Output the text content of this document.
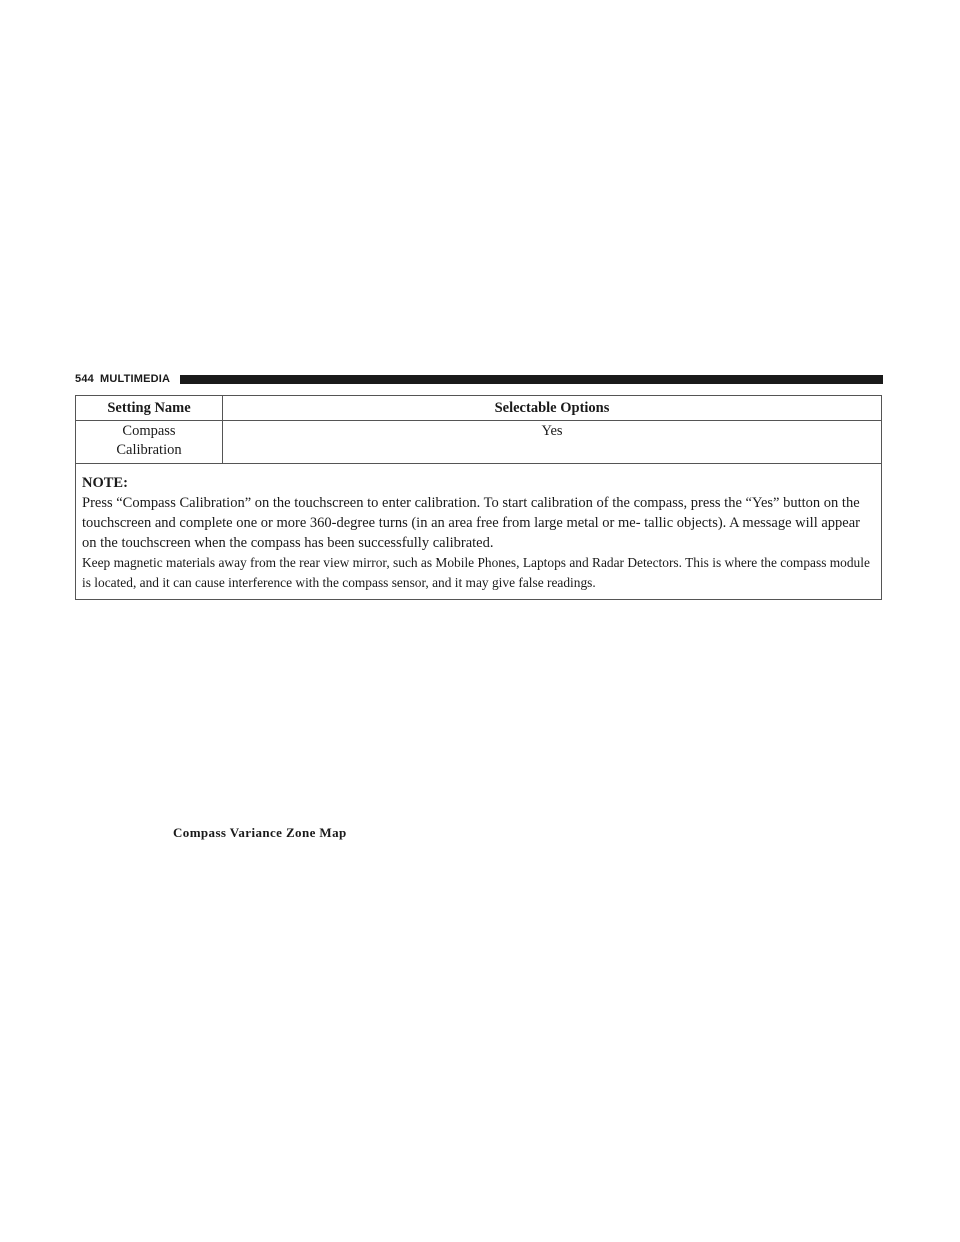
544 MULTIMEDIA
Setting Name	Selectable Options

Compass
Calibration	Yes

NOTE:
Press “Compass Calibration” on the touchscreen to enter calibration. To start calibration of the compass, press the “Yes” button on the touchscreen and complete one or more 360-degree turns (in an area free from large metal or me- tallic objects). A message will appear on the touchscreen when the compass has been successfully calibrated.
Keep magnetic materials away from the rear view mirror, such as Mobile Phones, Laptops and Radar Detectors. This is where the compass module is located, and it can cause interference with the compass sensor, and it may give false readings.	
Compass Variance Zone Map
